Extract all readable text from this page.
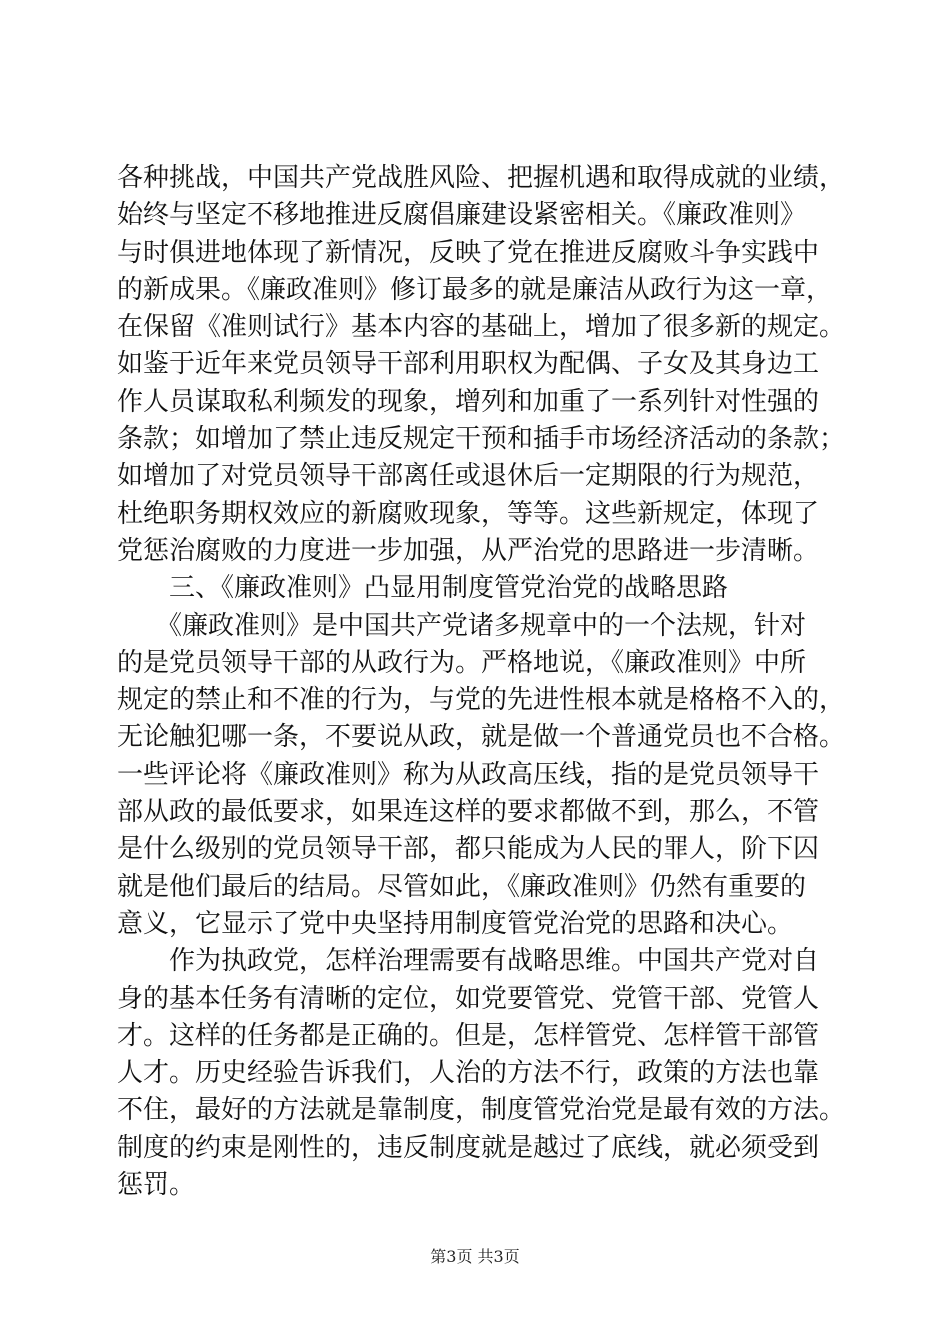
各种挑战，中国共产党战胜风险、把握机遇和取得成就的业绩，
始终与坚定不移地推进反腐倡廉建设紧密相关。《廉政准则》
与时俱进地体现了新情况，反映了党在推进反腐败斗争实践中
的新成果。《廉政准则》修订最多的就是廉洁从政行为这一章，
在保留《准则试行》基本内容的基础上，增加了很多新的规定。
如鉴于近年来党员领导干部利用职权为配偶、子女及其身边工
作人员谋取私利频发的现象，增列和加重了一系列针对性强的
条款；如增加了禁止违反规定干预和插手市场经济活动的条款；
如增加了对党员领导干部离任或退休后一定期限的行为规范，
杜绝职务期权效应的新腐败现象，等等。这些新规定，体现了
党惩治腐败的力度进一步加强，从严治党的思路进一步清晰。
　　三、《廉政准则》凸显用制度管党治党的战略思路
　　《廉政准则》是中国共产党诸多规章中的一个法规，针对
的是党员领导干部的从政行为。严格地说，《廉政准则》中所
规定的禁止和不准的行为，与党的先进性根本就是格格不入的，
无论触犯哪一条，不要说从政，就是做一个普通党员也不合格。
一些评论将《廉政准则》称为从政高压线，指的是党员领导干
部从政的最低要求，如果连这样的要求都做不到，那么，不管
是什么级别的党员领导干部，都只能成为人民的罪人，阶下囚
就是他们最后的结局。尽管如此，《廉政准则》仍然有重要的
意义，它显示了党中央坚持用制度管党治党的思路和决心。
　　作为执政党，怎样治理需要有战略思维。中国共产党对自
身的基本任务有清晰的定位，如党要管党、党管干部、党管人
才。这样的任务都是正确的。但是，怎样管党、怎样管干部管
人才。历史经验告诉我们，人治的方法不行，政策的方法也靠
不住，最好的方法就是靠制度，制度管党治党是最有效的方法。
制度的约束是刚性的，违反制度就是越过了底线，就必须受到
惩罚。
第3页 共3页
